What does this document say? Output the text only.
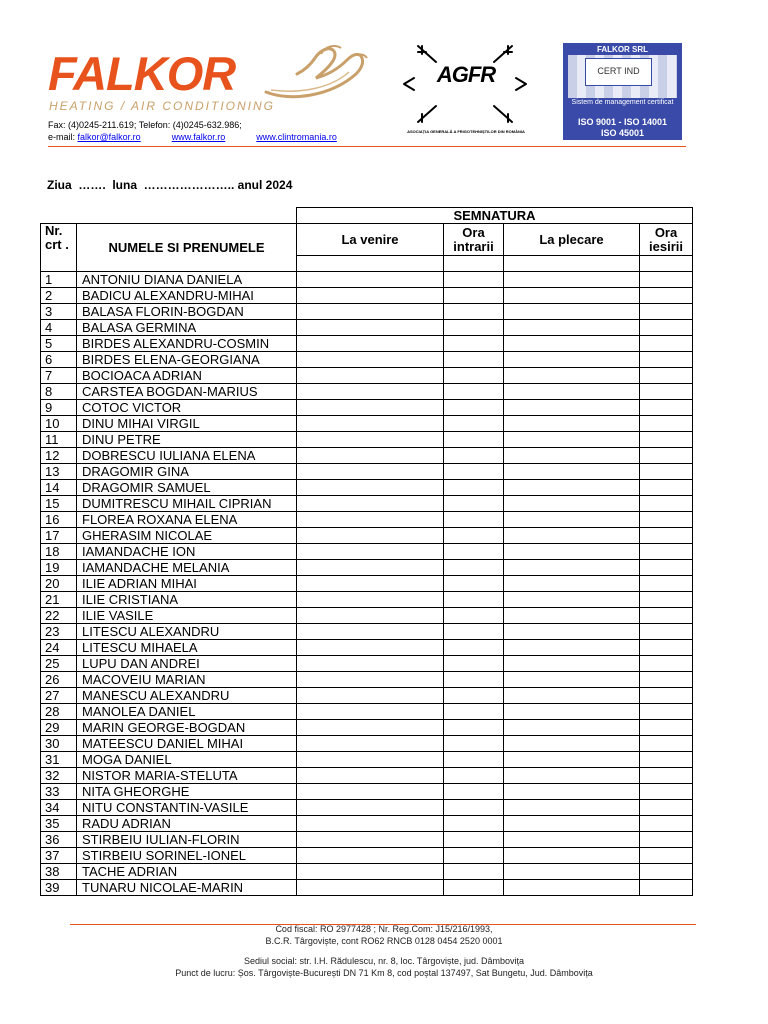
FALKOR
HEATING / AIR CONDITIONING
Fax: (4)0245-211.619; Telefon: (4)0245-632.986;
e-mail: falkor@falkor.ro	www.falkor.ro	www.clintromania.ro
AGFR
ASOCIAȚIA GENERALĂ A FRIGOTEHNIȘTILOR DIN ROMÂNIA
FALKOR SRL
CERT IND
Sistem de management certificat
ISO 9001 - ISO 14001
ISO 45001
Ziua  …….  luna  ………………….. anul 2024
		SEMNATURA			
Nr. crt .	NUMELE SI PRENUMELE	La venire	Ora intrarii	La plecare	Ora iesirii

1	ANTONIU DIANA DANIELA				
2	BADICU ALEXANDRU-MIHAI				
3	BALASA FLORIN-BOGDAN				
4	BALASA GERMINA				
5	BIRDES ALEXANDRU-COSMIN				
6	BIRDES ELENA-GEORGIANA				
7	BOCIOACA ADRIAN				
8	CARSTEA BOGDAN-MARIUS				
9	COTOC VICTOR				
10	DINU MIHAI VIRGIL				
11	DINU PETRE				
12	DOBRESCU IULIANA ELENA				
13	DRAGOMIR GINA				
14	DRAGOMIR SAMUEL				
15	DUMITRESCU MIHAIL CIPRIAN				
16	FLOREA ROXANA ELENA				
17	GHERASIM NICOLAE				
18	IAMANDACHE ION				
19	IAMANDACHE MELANIA				
20	ILIE ADRIAN MIHAI				
21	ILIE CRISTIANA				
22	ILIE VASILE				
23	LITESCU ALEXANDRU				
24	LITESCU MIHAELA				
25	LUPU DAN ANDREI				
26	MACOVEIU MARIAN				
27	MANESCU ALEXANDRU				
28	MANOLEA DANIEL				
29	MARIN GEORGE-BOGDAN				
30	MATEESCU DANIEL MIHAI				
31	MOGA DANIEL				
32	NISTOR MARIA-STELUTA				
33	NITA GHEORGHE				
34	NITU CONSTANTIN-VASILE				
35	RADU ADRIAN				
36	STIRBEIU IULIAN-FLORIN				
37	STIRBEIU SORINEL-IONEL				
38	TACHE ADRIAN				
39	TUNARU NICOLAE-MARIN				
Cod fiscal: RO 2977428 ; Nr. Reg.Com: J15/216/1993,
B.C.R. Târgoviște, cont RO62 RNCB 0128 0454 2520 0001
Sediul social: str. I.H. Rădulescu, nr. 8, loc. Târgoviște, jud. Dâmbovița
Punct de lucru: Șos. Târgoviște-București DN 71 Km 8, cod poștal 137497, Sat Bungetu, Jud. Dâmbovița
